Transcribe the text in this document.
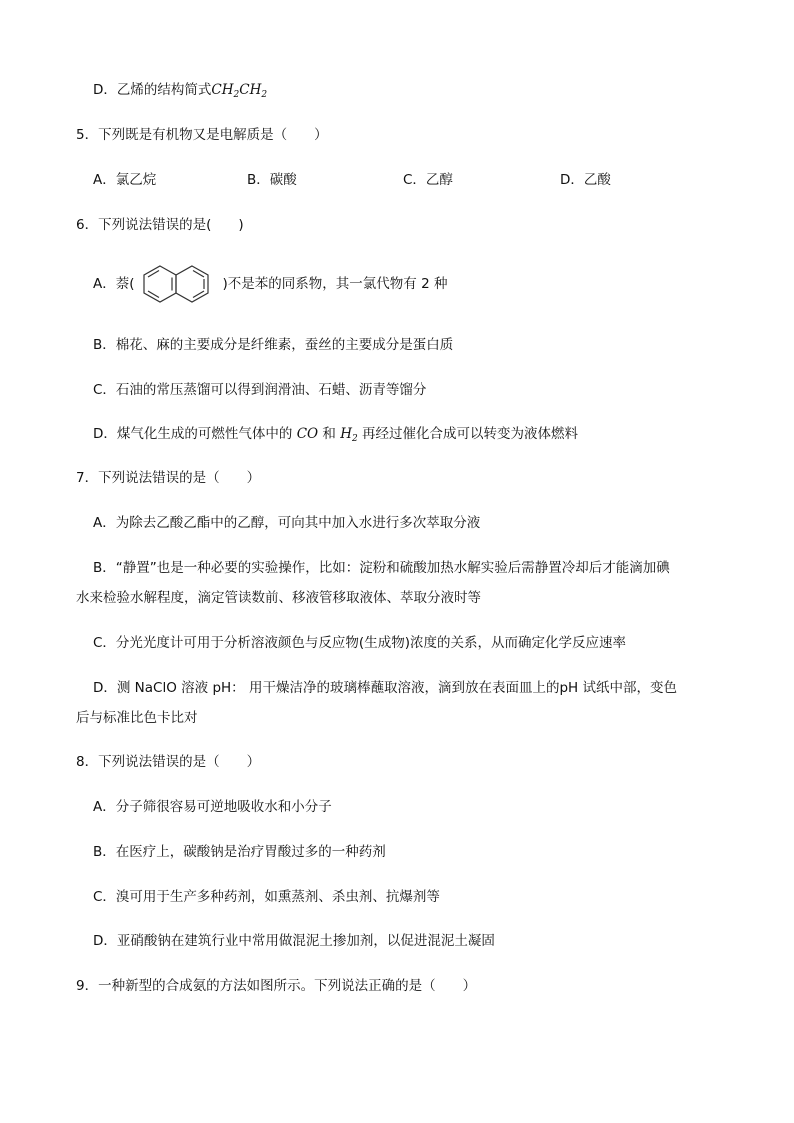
D．乙烯的结构简式$CH_2CH_2$
5．下列既是有机物又是电解质是（　　）
A．氯乙烷	B．碳酸	C．乙醇	D．乙酸
6．下列说法错误的是(　　)
A．萘(	)不是苯的同系物，其一氯代物有 2 种
B．棉花、麻的主要成分是纤维素，蚕丝的主要成分是蛋白质
C．石油的常压蒸馏可以得到润滑油、石蜡、沥青等馏分
D．煤气化生成的可燃性气体中的 CO 和 $H_2$ 再经过催化合成可以转变为液体燃料
7．下列说法错误的是（　　）
A．为除去乙酸乙酯中的乙醇，可向其中加入水进行多次萃取分液
B．“静置”也是一种必要的实验操作，比如：淀粉和硫酸加热水解实验后需静置冷却后才能滴加碘
水来检验水解程度，滴定管读数前、移液管移取液体、萃取分液时等
C．分光光度计可用于分析溶液颜色与反应物(生成物)浓度的关系，从而确定化学反应速率
D．测 NaClO 溶液 pH： 用干燥洁净的玻璃棒蘸取溶液，滴到放在表面皿上的pH 试纸中部，变色
后与标准比色卡比对
8．下列说法错误的是（　　）
A．分子筛很容易可逆地吸收水和小分子
B．在医疗上，碳酸钠是治疗胃酸过多的一种药剂
C．溴可用于生产多种药剂，如熏蒸剂、杀虫剂、抗爆剂等
D．亚硝酸钠在建筑行业中常用做混泥土掺加剂，以促进混泥土凝固
9．一种新型的合成氨的方法如图所示。下列说法正确的是（　　）
